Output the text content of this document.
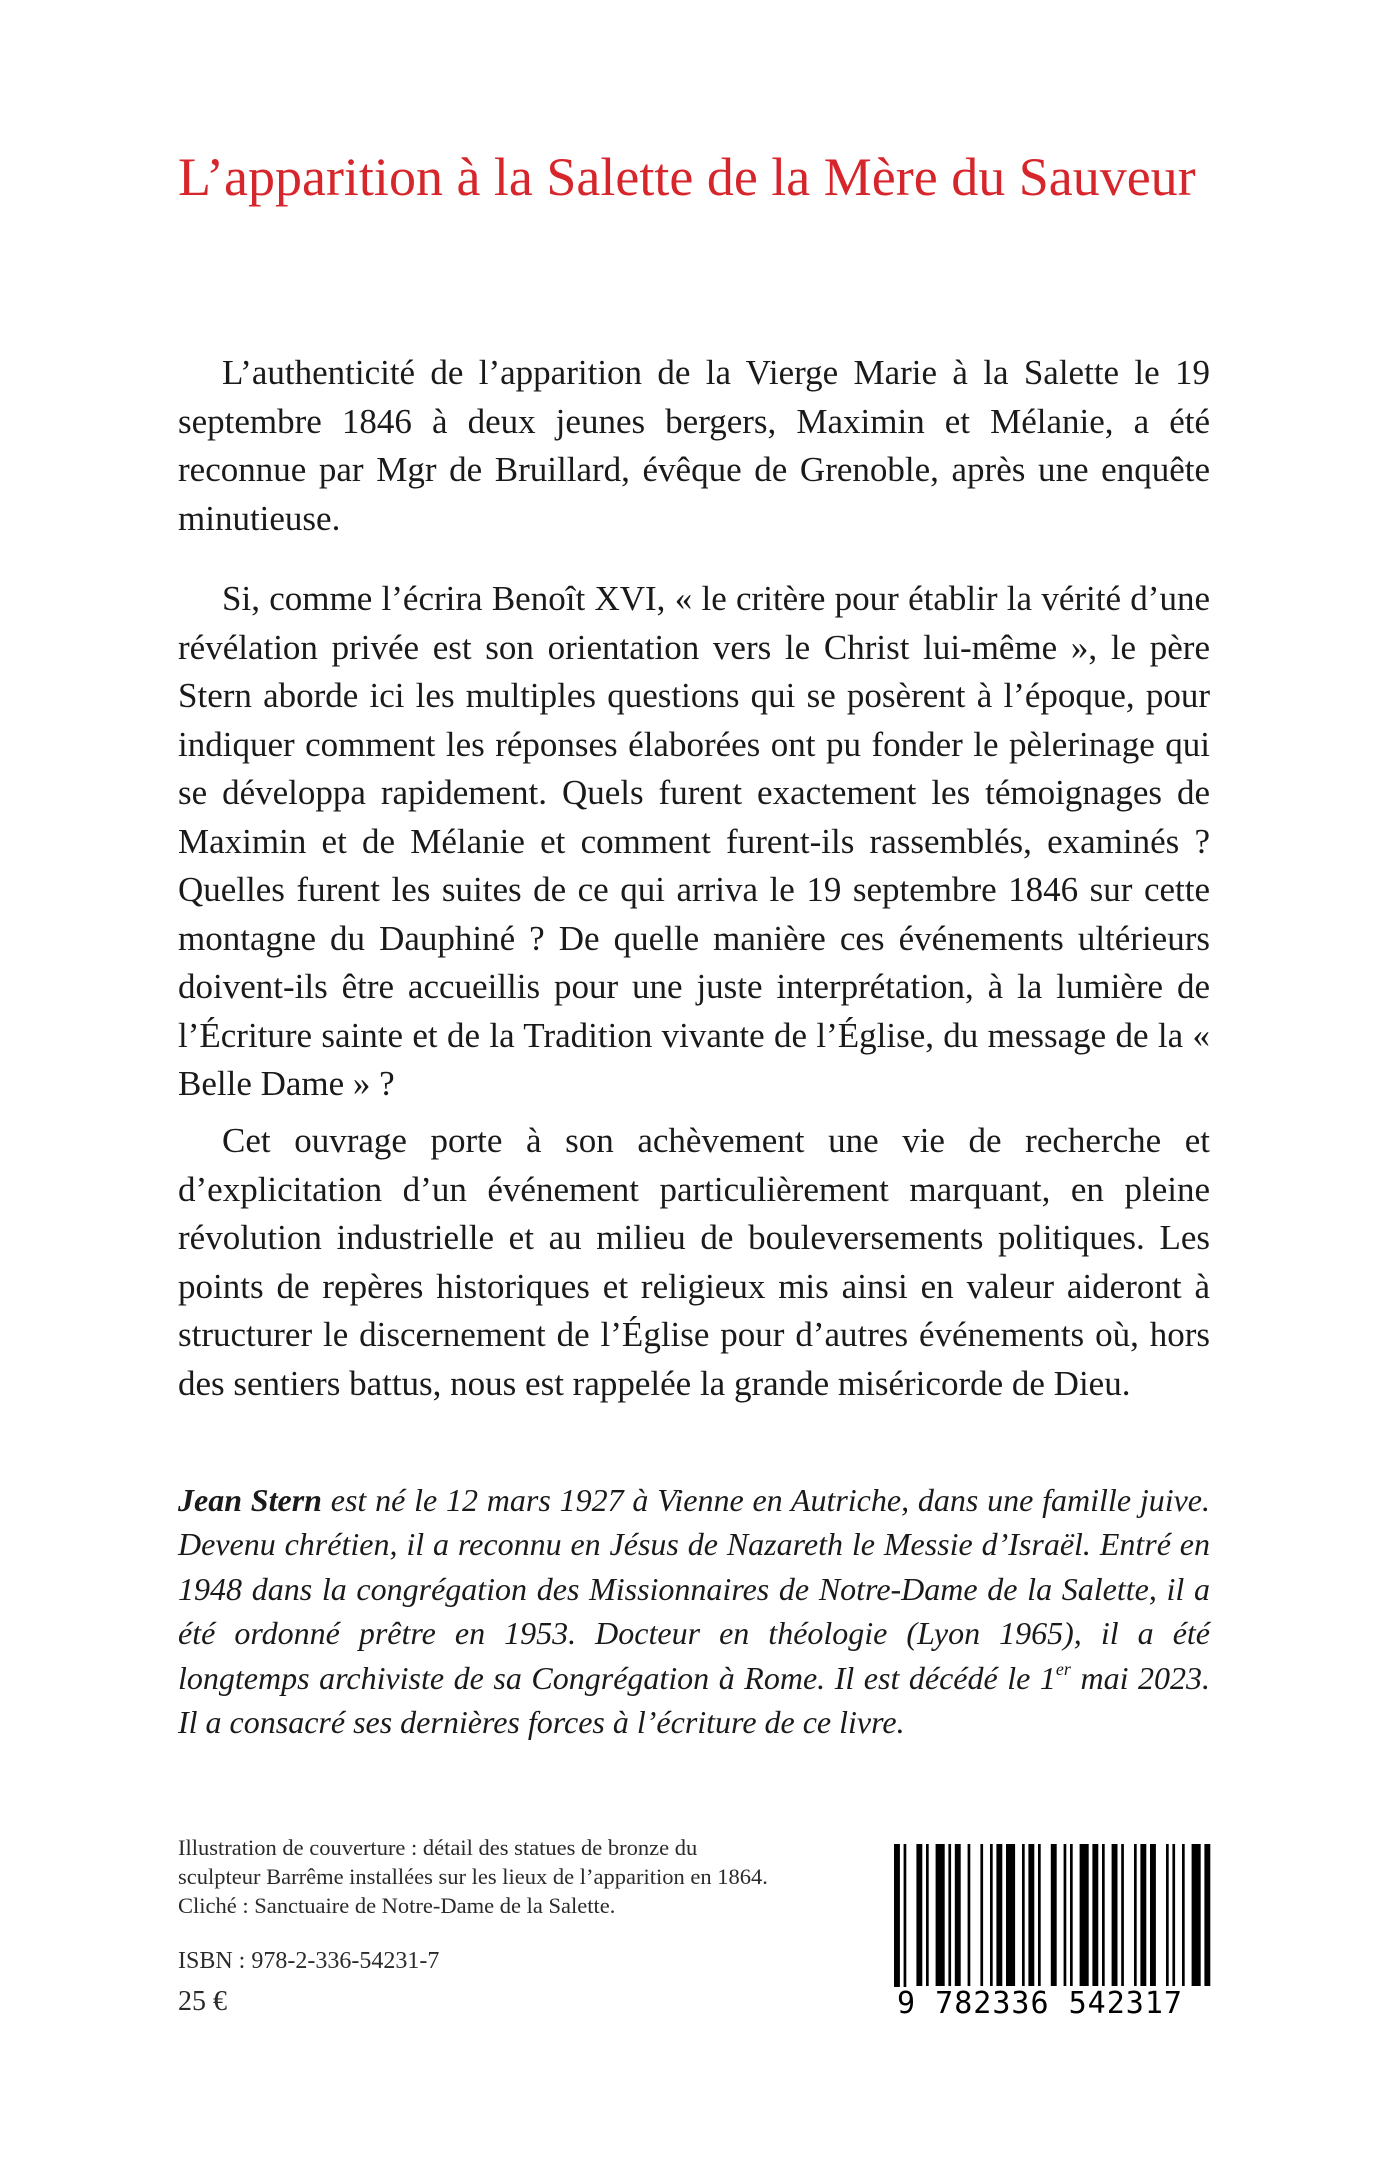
L’apparition à la Salette de la Mère du Sauveur

L’authenticité de l’apparition de la Vierge Marie à la Salette le 19 septembre 1846 à deux jeunes bergers, Maximin et Mélanie, a été reconnue par Mgr de Bruillard, évêque de Grenoble, après une enquête minutieuse.

Si, comme l’écrira Benoît XVI, « le critère pour établir la vérité d’une révélation privée est son orientation vers le Christ lui-même », le père Stern aborde ici les multiples questions qui se posèrent à l’époque, pour indiquer comment les réponses élaborées ont pu fonder le pèlerinage qui se développa rapidement. Quels furent exactement les témoignages de Maximin et de Mélanie et comment furent-ils rassemblés, examinés ? Quelles furent les suites de ce qui arriva le 19 septembre 1846 sur cette montagne du Dauphiné ? De quelle manière ces événements ultérieurs doivent-ils être accueillis pour une juste interprétation, à la lumière de l’Écriture sainte et de la Tradition vivante de l’Église, du message de la « Belle Dame » ?

Cet ouvrage porte à son achèvement une vie de recherche et d’explicitation d’un événement particulièrement marquant, en pleine révolution industrielle et au milieu de bouleversements politiques. Les points de repères historiques et religieux mis ainsi en valeur aideront à structurer le discernement de l’Église pour d’autres événements où, hors des sentiers battus, nous est rappelée la grande miséricorde de Dieu.

Jean Stern est né le 12 mars 1927 à Vienne en Autriche, dans une famille juive. Devenu chrétien, il a reconnu en Jésus de Nazareth le Messie d’Israël. Entré en 1948 dans la congrégation des Missionnaires de Notre-Dame de la Salette, il a été ordonné prêtre en 1953. Docteur en théologie (Lyon 1965), il a été longtemps archiviste de sa Congrégation à Rome. Il est décédé le 1er mai 2023. Il a consacré ses dernières forces à l’écriture de ce livre.

Illustration de couverture : détail des statues de bronze du
sculpteur Barrême installées sur les lieux de l’apparition en 1864.
Cliché : Sanctuaire de Notre-Dame de la Salette.
ISBN : 978-2-336-54231-7
25 €	9 782336 542317
